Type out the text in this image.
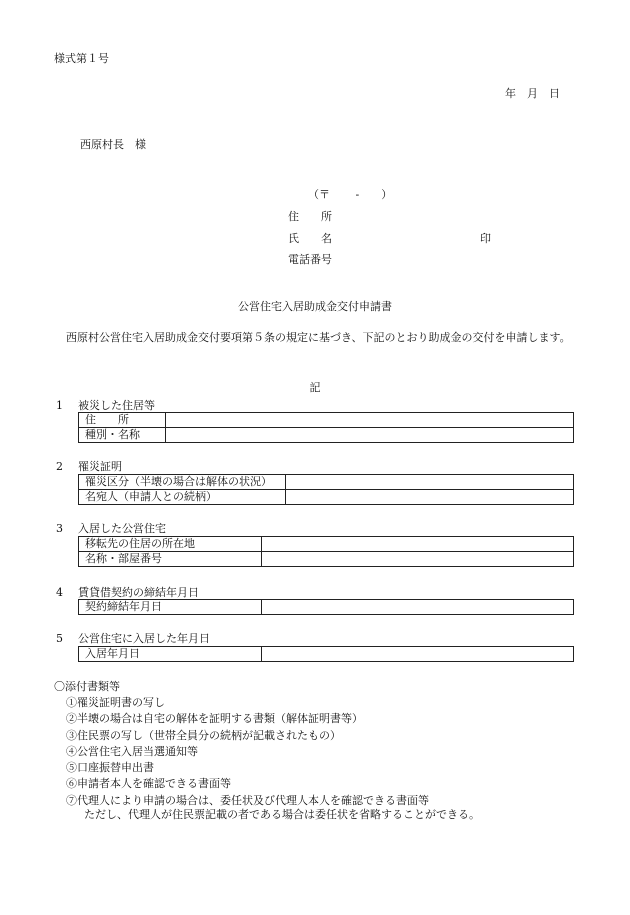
様式第１号
年　月　日
西原村長　様
（〒　　 -　　）
住　　所
氏　　名	印
電話番号
公営住宅入居助成金交付申請書
西原村公営住宅入居助成金交付要項第５条の規定に基づき、下記のとおり助成金の交付を申請します。
記
1 被災した住居等
住　　所	
種別・名称	
2 罹災証明
罹災区分（半壊の場合は解体の状況）	
名宛人（申請人との続柄）	
3 入居した公営住宅
移転先の住居の所在地	
名称・部屋番号	
4 賃貸借契約の締結年月日
契約締結年月日	
5 公営住宅に入居した年月日
入居年月日	
〇添付書類等
①罹災証明書の写し
②半壊の場合は自宅の解体を証明する書類（解体証明書等）
③住民票の写し（世帯全員分の続柄が記載されたもの）
④公営住宅入居当選通知等
⑤口座振替申出書
⑥申請者本人を確認できる書面等
⑦代理人により申請の場合は、委任状及び代理人本人を確認できる書面等
ただし、代理人が住民票記載の者である場合は委任状を省略することができる。
